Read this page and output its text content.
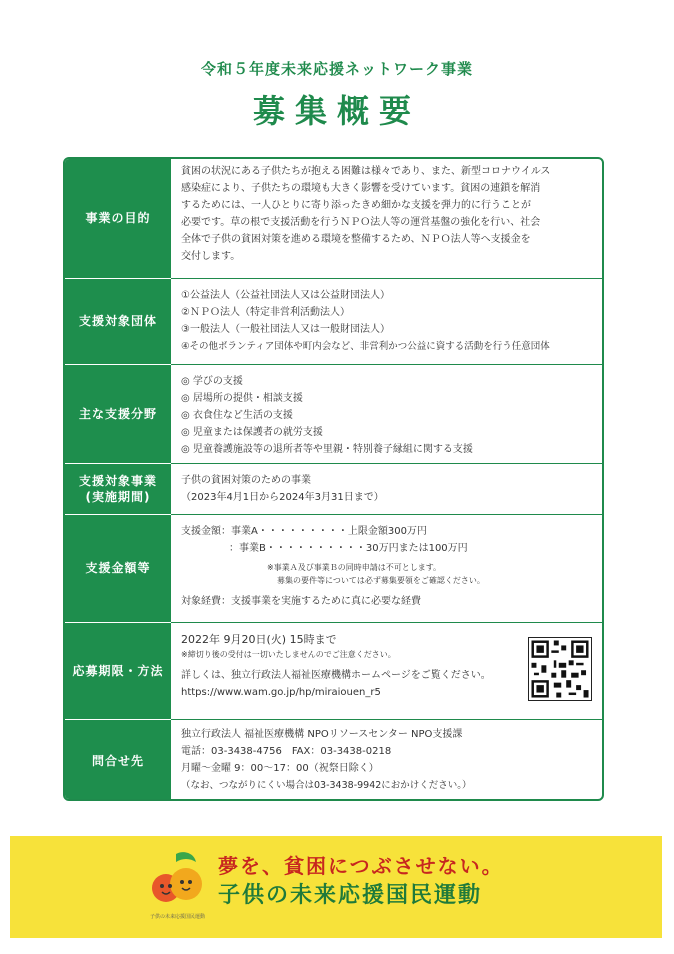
令和５年度未来応援ネットワーク事業
募集概要
事業の目的
貧困の状況にある子供たちが抱える困難は様々であり、また、新型コロナウイルス
感染症により、子供たちの環境も大きく影響を受けています。貧困の連鎖を解消
するためには、一人ひとりに寄り添ったきめ細かな支援を弾力的に行うことが
必要です。草の根で支援活動を行うＮＰＯ法人等の運営基盤の強化を行い、社会
全体で子供の貧困対策を進める環境を整備するため、ＮＰＯ法人等へ支援金を
交付します。
支援対象団体
①公益法人（公益社団法人又は公益財団法人）
②ＮＰＯ法人（特定非営利活動法人）
③一般法人（一般社団法人又は一般財団法人）
④その他ボランティア団体や町内会など、非営利かつ公益に資する活動を行う任意団体
主な支援分野
◎ 学びの支援
◎ 居場所の提供・相談支援
◎ 衣食住など生活の支援
◎ 児童または保護者の就労支援
◎ 児童養護施設等の退所者等や里親・特別養子縁組に関する支援
支援対象事業
(実施期間)
子供の貧困対策のための事業
（2023年4月1日から2024年3月31日まで）
支援金額等
支援金額：事業A・・・・・・・・・上限金額300万円
：事業B・・・・・・・・・・30万円または100万円
※事業Ａ及び事業Ｂの同時申請は不可とします。
募集の要件等については必ず募集要領をご確認ください。
対象経費：支援事業を実施するために真に必要な経費
応募期限・方法
2022年 9月20日(火) 15時まで
※締切り後の受付は一切いたしませんのでご注意ください。
詳しくは、独立行政法人福祉医療機構ホームページをご覧ください。
https://www.wam.go.jp/hp/miraiouen_r5
問合せ先
独立行政法人 福祉医療機構 NPOリソースセンター NPO支援課
電話：03-3438-4756　FAX：03-3438-0218
月曜～金曜 9：00～17：00（祝祭日除く）
（なお、つながりにくい場合は03-3438-9942におかけください。）
子供の未来応援国民運動
夢を、貧困につぶさせない。
子供の未来応援国民運動
